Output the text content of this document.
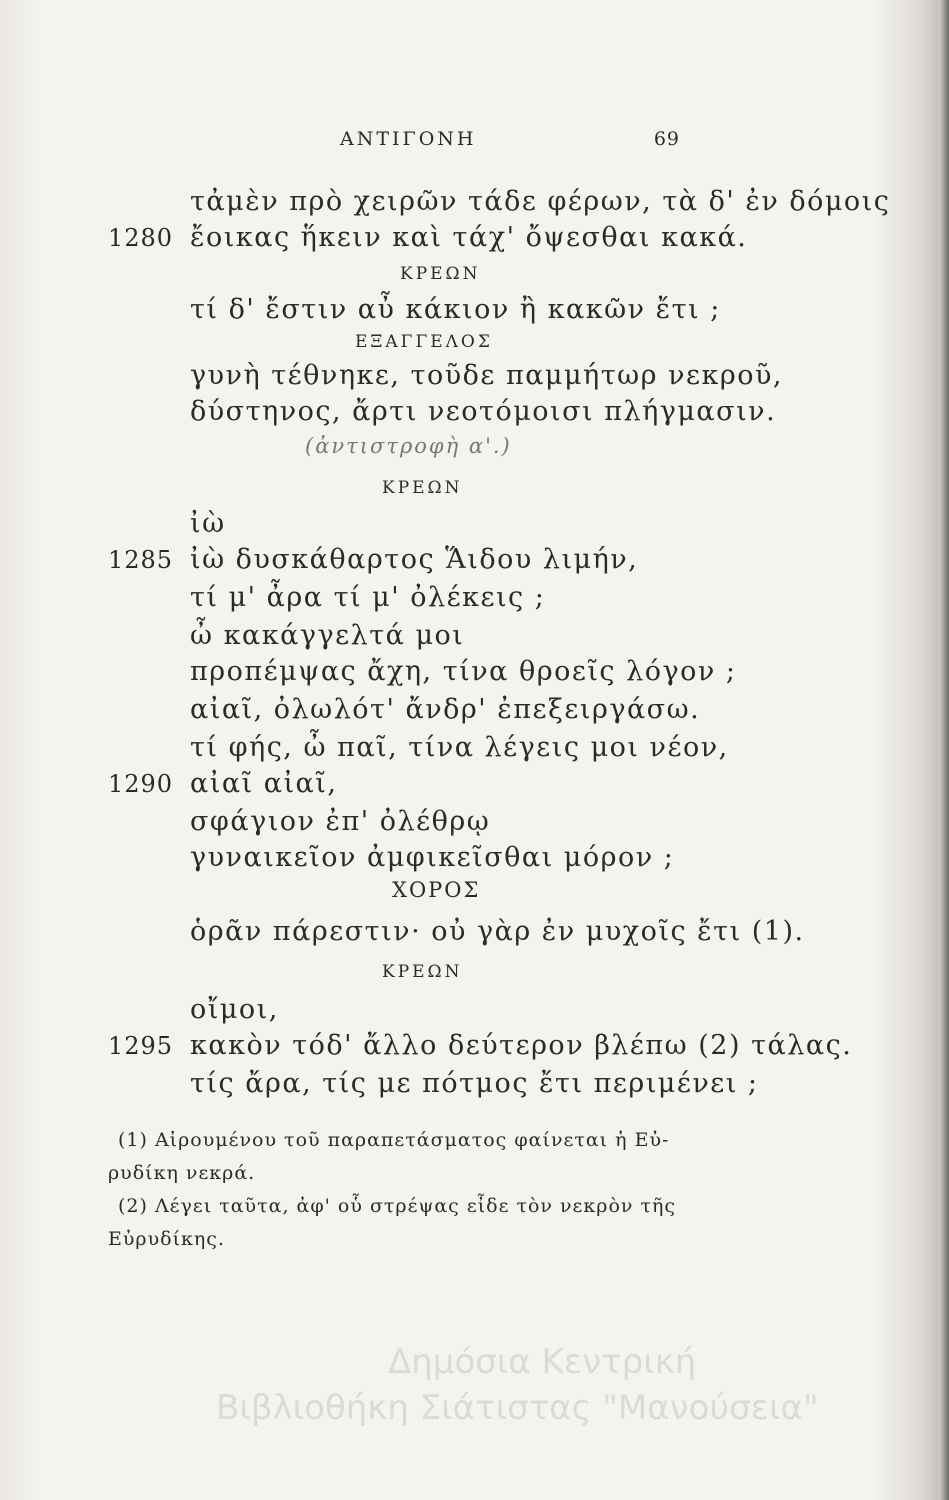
ΑΝΤΙΓΟΝΗ	69
τἀμὲν πρὸ χειρῶν τάδε φέρων, τὰ δ' ἐν δόμοις
1280 ἔοικας ἥκειν καὶ τάχ' ὄψεσθαι κακά.
ΚΡΕΩΝ
τί δ' ἔστιν αὖ κάκιον ἢ κακῶν ἔτι ;
ΕΞΑΓΓΕΛΟΣ
γυνὴ τέθνηκε, τοῦδε παμμήτωρ νεκροῦ,
δύστηνος, ἄρτι νεοτόμοισι πλήγμασιν.
(ἀντιστροφὴ α'.)
ΚΡΕΩΝ
ἰὼ
1285 ἰὼ δυσκάθαρτος Ἅιδου λιμήν,
τί μ' ἆρα τί μ' ὀλέκεις ;
ὦ κακάγγελτά μοι
προπέμψας ἄχη, τίνα θροεῖς λόγον ;
αἰαῖ, ὀλωλότ' ἄνδρ' ἐπεξειργάσω.
τί φής, ὦ παῖ, τίνα λέγεις μοι νέον,
1290 αἰαῖ αἰαῖ,
σφάγιον ἐπ' ὀλέθρῳ
γυναικεῖον ἀμφικεῖσθαι μόρον ;
ΧΟΡΟΣ
ὁρᾶν πάρεστιν· οὐ γὰρ ἐν μυχοῖς ἔτι (1).
ΚΡΕΩΝ
οἴμοι,
1295 κακὸν τόδ' ἄλλο δεύτερον βλέπω (2) τάλας.
τίς ἄρα, τίς με πότμος ἔτι περιμένει ;
(1) Αἰρουμένου τοῦ παραπετάσματος φαίνεται ἡ Εὐ-
ρυδίκη νεκρά.
(2) Λέγει ταῦτα, ἀφ' οὗ στρέψας εἶδε τὸν νεκρὸν τῆς
Εὐρυδίκης.
Δημόσια Κεντρική
Βιβλιοθήκη Σιάτιστας "Μανούσεια"
